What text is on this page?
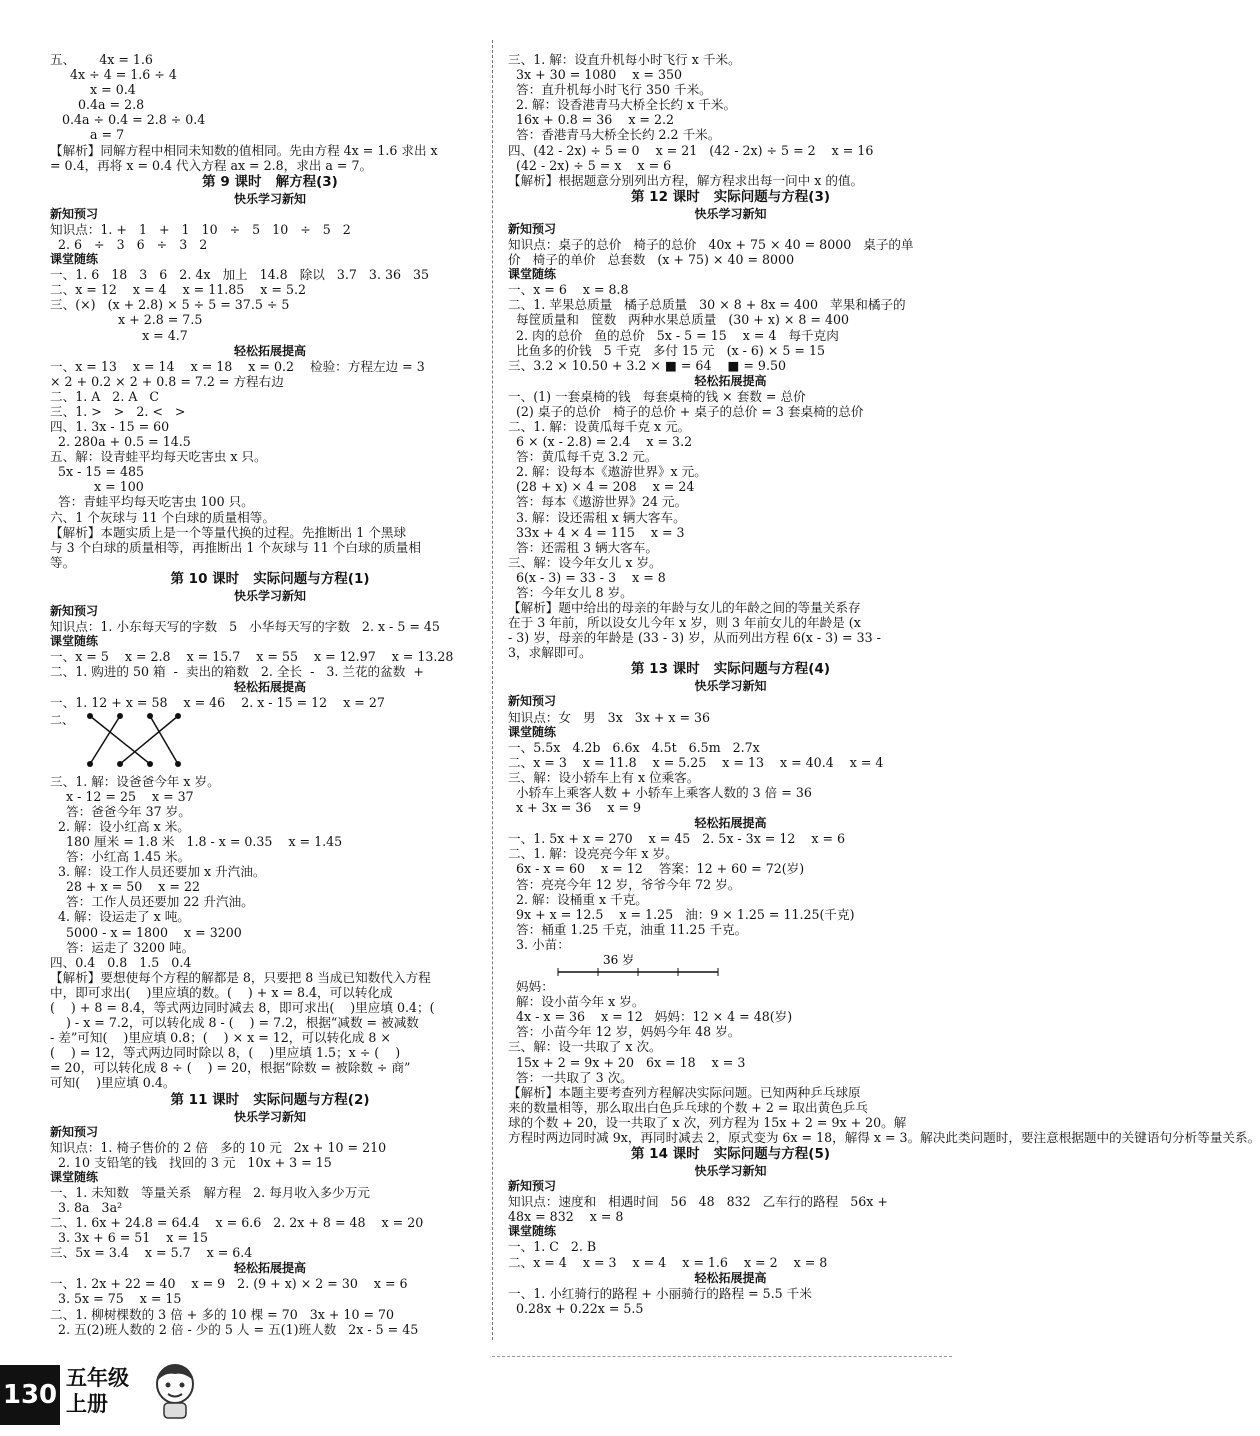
五、      4x = 1.6
4x ÷ 4 = 1.6 ÷ 4
x = 0.4
0.4a = 2.8
0.4a ÷ 0.4 = 2.8 ÷ 0.4
a = 7
【解析】同解方程中相同未知数的值相同。先由方程 4x = 1.6 求出 x
= 0.4，再将 x = 0.4 代入方程 ax = 2.8，求出 a = 7。
第 9 课时   解方程(3)
快乐学习新知
新知预习
知识点：1. +   1   +   1   10   ÷   5   10   ÷   5   2
2. 6   ÷   3   6   ÷   3   2
课堂随练
一、1. 6   18   3   6   2. 4x   加上   14.8   除以   3.7   3. 36   35
二、x = 12    x = 4    x = 11.85    x = 5.2
三、(×)   (x + 2.8) × 5 ÷ 5 = 37.5 ÷ 5
x + 2.8 = 7.5
x = 4.7
轻松拓展提高
一、x = 13    x = 14    x = 18    x = 0.2    检验：方程左边 = 3
× 2 + 0.2 × 2 + 0.8 = 7.2 = 方程右边
二、1. A   2. A   C
三、1. >   >   2. <   >
四、1. 3x - 15 = 60
2. 280a + 0.5 = 14.5
五、解：设青蛙平均每天吃害虫 x 只。
5x - 15 = 485
x = 100
答：青蛙平均每天吃害虫 100 只。
六、1 个灰球与 11 个白球的质量相等。
【解析】本题实质上是一个等量代换的过程。先推断出 1 个黑球
与 3 个白球的质量相等，再推断出 1 个灰球与 11 个白球的质量相
等。
第 10 课时   实际问题与方程(1)
快乐学习新知
新知预习
知识点：1. 小东每天写的字数   5   小华每天写的字数   2. x - 5 = 45
课堂随练
一、x = 5    x = 2.8    x = 15.7    x = 55    x = 12.97    x = 13.28
二、1. 购进的 50 箱  -  卖出的箱数   2. 全长  -   3. 兰花的盆数  +
轻松拓展提高
一、1. 12 + x = 58    x = 46    2. x - 15 = 12    x = 27
二、
三、1. 解：设爸爸今年 x 岁。
x - 12 = 25    x = 37
答：爸爸今年 37 岁。
2. 解：设小红高 x 米。
180 厘米 = 1.8 米   1.8 - x = 0.35    x = 1.45
答：小红高 1.45 米。
3. 解：设工作人员还要加 x 升汽油。
28 + x = 50    x = 22
答：工作人员还要加 22 升汽油。
4. 解：设运走了 x 吨。
5000 - x = 1800    x = 3200
答：运走了 3200 吨。
四、0.4   0.8   1.5   0.4
【解析】要想使每个方程的解都是 8，只要把 8 当成已知数代入方程
中，即可求出(    )里应填的数。(    ) + x = 8.4，可以转化成
(    ) + 8 = 8.4，等式两边同时减去 8，即可求出(    )里应填 0.4；(
) - x = 7.2，可以转化成 8 - (    ) = 7.2，根据“减数 = 被减数
- 差”可知(    )里应填 0.8；(    ) × x = 12，可以转化成 8 ×
(    ) = 12，等式两边同时除以 8，(    )里应填 1.5；x ÷ (    )
= 20，可以转化成 8 ÷ (    ) = 20，根据“除数 = 被除数 ÷ 商”
可知(    )里应填 0.4。
第 11 课时   实际问题与方程(2)
快乐学习新知
新知预习
知识点：1. 椅子售价的 2 倍   多的 10 元   2x + 10 = 210
2. 10 支铅笔的钱   找回的 3 元   10x + 3 = 15
课堂随练
一、1. 未知数   等量关系   解方程   2. 每月收入多少万元
3. 8a   3a²
二、1. 6x + 24.8 = 64.4    x = 6.6   2. 2x + 8 = 48    x = 20
3. 3x + 6 = 51    x = 15
三、5x = 3.4    x = 5.7    x = 6.4
轻松拓展提高
一、1. 2x + 22 = 40    x = 9   2. (9 + x) × 2 = 30    x = 6
3. 5x = 75    x = 15
二、1. 柳树棵数的 3 倍 + 多的 10 棵 = 70   3x + 10 = 70
2. 五(2)班人数的 2 倍 - 少的 5 人 = 五(1)班人数   2x - 5 = 45
三、1. 解：设直升机每小时飞行 x 千米。
3x + 30 = 1080    x = 350
答：直升机每小时飞行 350 千米。
2. 解：设香港青马大桥全长约 x 千米。
16x + 0.8 = 36    x = 2.2
答：香港青马大桥全长约 2.2 千米。
四、(42 - 2x) ÷ 5 = 0    x = 21   (42 - 2x) ÷ 5 = 2    x = 16
(42 - 2x) ÷ 5 = x    x = 6
【解析】根据题意分别列出方程，解方程求出每一问中 x 的值。
第 12 课时   实际问题与方程(3)
快乐学习新知
新知预习
知识点：桌子的总价   椅子的总价   40x + 75 × 40 = 8000   桌子的单
价   椅子的单价   总套数   (x + 75) × 40 = 8000
课堂随练
一、x = 6    x = 8.8
二、1. 苹果总质量   橘子总质量   30 × 8 + 8x = 400   苹果和橘子的
每筐质量和   筐数   两种水果总质量   (30 + x) × 8 = 400
2. 肉的总价   鱼的总价   5x - 5 = 15    x = 4   每千克肉
比鱼多的价钱   5 千克   多付 15 元   (x - 6) × 5 = 15
三、3.2 × 10.50 + 3.2 × ■ = 64    ■ = 9.50
轻松拓展提高
一、(1) 一套桌椅的钱   每套桌椅的钱 × 套数 = 总价
(2) 桌子的总价   椅子的总价 + 桌子的总价 = 3 套桌椅的总价
二、1. 解：设黄瓜每千克 x 元。
6 × (x - 2.8) = 2.4    x = 3.2
答：黄瓜每千克 3.2 元。
2. 解：设每本《遨游世界》x 元。
(28 + x) × 4 = 208    x = 24
答：每本《遨游世界》24 元。
3. 解：设还需租 x 辆大客车。
33x + 4 × 4 = 115    x = 3
答：还需租 3 辆大客车。
三、解：设今年女儿 x 岁。
6(x - 3) = 33 - 3    x = 8
答：今年女儿 8 岁。
【解析】题中给出的母亲的年龄与女儿的年龄之间的等量关系存
在于 3 年前，所以设女儿今年 x 岁，则 3 年前女儿的年龄是 (x
- 3) 岁，母亲的年龄是 (33 - 3) 岁，从而列出方程 6(x - 3) = 33 -
3，求解即可。
第 13 课时   实际问题与方程(4)
快乐学习新知
新知预习
知识点：女   男   3x   3x + x = 36
课堂随练
一、5.5x   4.2b   6.6x   4.5t   6.5m   2.7x
二、x = 3    x = 11.8    x = 5.25    x = 13    x = 40.4    x = 4
三、解：设小轿车上有 x 位乘客。
小轿车上乘客人数 + 小轿车上乘客人数的 3 倍 = 36
x + 3x = 36    x = 9
轻松拓展提高
一、1. 5x + x = 270    x = 45   2. 5x - 3x = 12    x = 6
二、1. 解：设亮亮今年 x 岁。
6x - x = 60    x = 12    答案：12 + 60 = 72(岁)
答：亮亮今年 12 岁，爷爷今年 72 岁。
2. 解：设桶重 x 千克。
9x + x = 12.5    x = 1.25   油：9 × 1.25 = 11.25(千克)
答：桶重 1.25 千克，油重 11.25 千克。
3. 小苗：
36 岁
妈妈：
解：设小苗今年 x 岁。
4x - x = 36    x = 12   妈妈：12 × 4 = 48(岁)
答：小苗今年 12 岁，妈妈今年 48 岁。
三、解：设一共取了 x 次。
15x + 2 = 9x + 20   6x = 18    x = 3
答：一共取了 3 次。
【解析】本题主要考查列方程解决实际问题。已知两种乒乓球原
来的数量相等，那么取出白色乒乓球的个数 + 2 = 取出黄色乒乓
球的个数 + 20，设一共取了 x 次，列方程为 15x + 2 = 9x + 20。解
方程时两边同时减 9x，再同时减去 2，原式变为 6x = 18，解得 x = 3。解决此类问题时，要注意根据题中的关键语句分析等量关系。
第 14 课时   实际问题与方程(5)
快乐学习新知
新知预习
知识点：速度和   相遇时间   56   48   832   乙车行的路程   56x +
48x = 832    x = 8
课堂随练
一、1. C   2. B
二、x = 4    x = 3    x = 4    x = 1.6    x = 2    x = 8
轻松拓展提高
一、1. 小红骑行的路程 + 小丽骑行的路程 = 5.5 千米
0.28x + 0.22x = 5.5
130
五年级
上册
